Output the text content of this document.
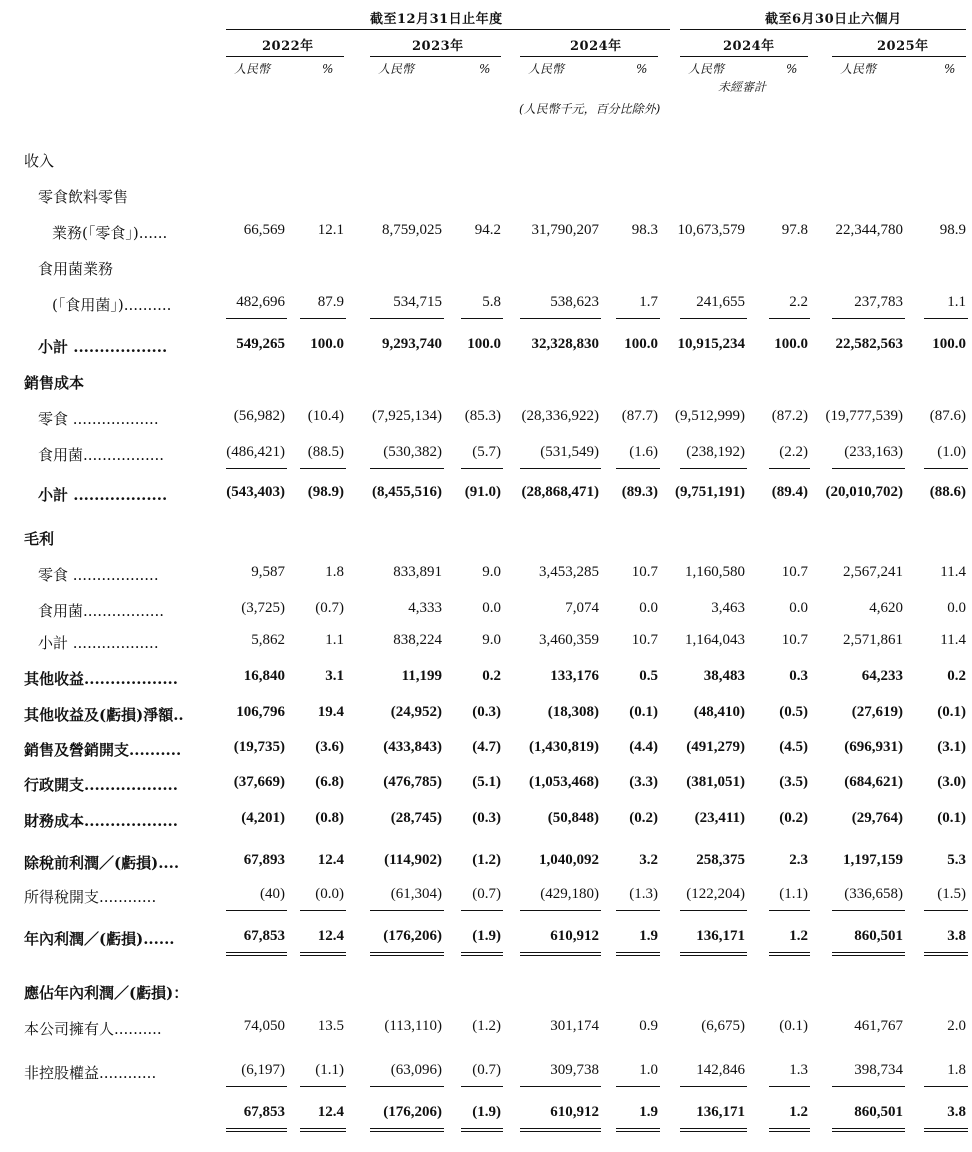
截至12月31日止年度	截至6月30日止六個月
2022年
人民幣	%
2023年
人民幣	%
2024年
人民幣	%
2024年
人民幣	%
2025年
人民幣	%
未經審計
(人民幣千元，百分比除外)
收入
零食飲料零售
業務(「零食」)......	66,569 12.1	8,759,025 94.2 31,790,207 98.3 10,673,579 97.8 22,344,780 98.9
食用菌業務
(「食用菌」)..........	482,696 87.9	534,715	5.8	538,623	1.7	241,655	2.2	237,783	1.1
小計 ..................	549,265 100.0	9,293,740 100.0 32,328,830 100.0 10,915,234 100.0 22,582,563 100.0
銷售成本
零食 ..................	(56,982) (10.4) (7,925,134) (85.3) (28,336,922) (87.7) (9,512,999) (87.2) (19,777,539) (87.6)
食用菌.................	(486,421) (88.5)	(530,382) (5.7)	(531,549) (1.6) (238,192) (2.2) (233,163) (1.0)
小計 ..................	(543,403) (98.9) (8,455,516) (91.0) (28,868,471) (89.3) (9,751,191) (89.4) (20,010,702) (88.6)
毛利
零食 ..................	9,587	1.8	833,891	9.0	3,453,285 10.7 1,160,580 10.7 2,567,241 11.4
食用菌.................	(3,725) (0.7)	4,333	0.0	7,074	0.0	3,463	0.0	4,620	0.0
小計 ..................	5,862	1.1	838,224	9.0	3,460,359 10.7 1,164,043 10.7 2,571,861 11.4
其他收益..................	16,840	3.1	11,199	0.2	133,176	0.5	38,483	0.3	64,233	0.2
其他收益及(虧損)淨額..	106,796 19.4	(24,952) (0.3)	(18,308) (0.1) (48,410) (0.5)	(27,619) (0.1)
銷售及營銷開支..........	(19,735) (3.6)	(433,843) (4.7) (1,430,819) (4.4) (491,279) (4.5) (696,931) (3.1)
行政開支..................	(37,669) (6.8)	(476,785) (5.1) (1,053,468) (3.3) (381,051) (3.5) (684,621) (3.0)
財務成本..................	(4,201) (0.8)	(28,745) (0.3)	(50,848) (0.2) (23,411) (0.2)	(29,764) (0.1)
除稅前利潤／(虧損)....	67,893 12.4	(114,902) (1.2)	1,040,092	3.2	258,375	2.3 1,197,159	5.3
所得稅開支............	(40) (0.0)	(61,304) (0.7)	(429,180) (1.3) (122,204) (1.1) (336,658) (1.5)
年內利潤／(虧損)......	67,853 12.4	(176,206) (1.9)	610,912	1.9	136,171	1.2	860,501	3.8
應佔年內利潤／(虧損)：
本公司擁有人..........	74,050 13.5	(113,110) (1.2)	301,174	0.9	(6,675) (0.1)	461,767	2.0
非控股權益............	(6,197) (1.1)	(63,096) (0.7)	309,738	1.0	142,846	1.3	398,734	1.8
67,853 12.4	(176,206) (1.9)	610,912	1.9	136,171	1.2	860,501	3.8
